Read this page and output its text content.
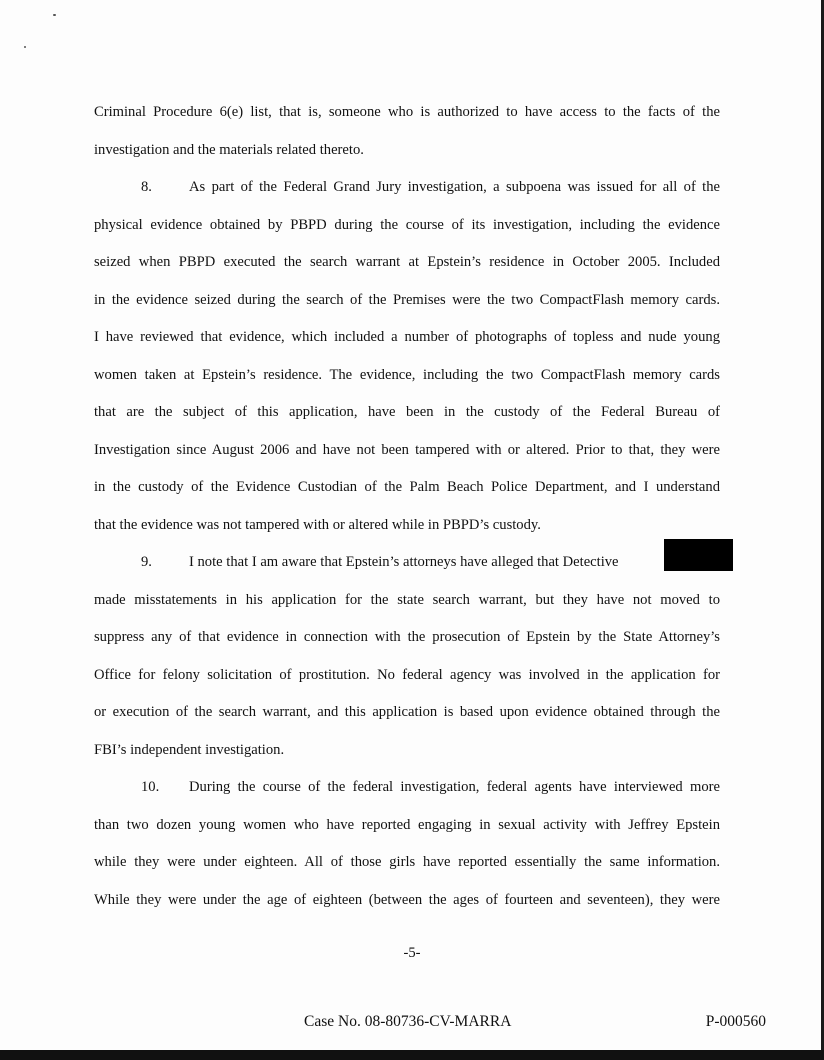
Criminal Procedure 6(e) list, that is, someone who is authorized to have access to the facts of the
investigation and the materials related thereto.
8.	As part of the Federal Grand Jury investigation, a subpoena was issued for all of the
physical evidence obtained by PBPD during the course of its investigation, including the evidence
seized when PBPD executed the search warrant at Epstein’s residence in October 2005. Included
in the evidence seized during the search of the Premises were the two CompactFlash memory cards.
I have reviewed that evidence, which included a number of photographs of topless and nude young
women taken at Epstein’s residence. The evidence, including the two CompactFlash memory cards
that are the subject of this application, have been in the custody of the Federal Bureau of
Investigation since August 2006 and have not been tampered with or altered. Prior to that, they were
in the custody of the Evidence Custodian of the Palm Beach Police Department, and I understand
that the evidence was not tampered with or altered while in PBPD’s custody.
9.	I note that I am aware that Epstein’s attorneys have alleged that Detective
made misstatements in his application for the state search warrant, but they have not moved to
suppress any of that evidence in connection with the prosecution of Epstein by the State Attorney’s
Office for felony solicitation of prostitution. No federal agency was involved in the application for
or execution of the search warrant, and this application is based upon evidence obtained through the
FBI’s independent investigation.
10. During the course of the federal investigation, federal agents have interviewed more
than two dozen young women who have reported engaging in sexual activity with Jeffrey Epstein
while they were under eighteen. All of those girls have reported essentially the same information.
While they were under the age of eighteen (between the ages of fourteen and seventeen), they were
-5-
Case No. 08-80736-CV-MARRA	P-000560
